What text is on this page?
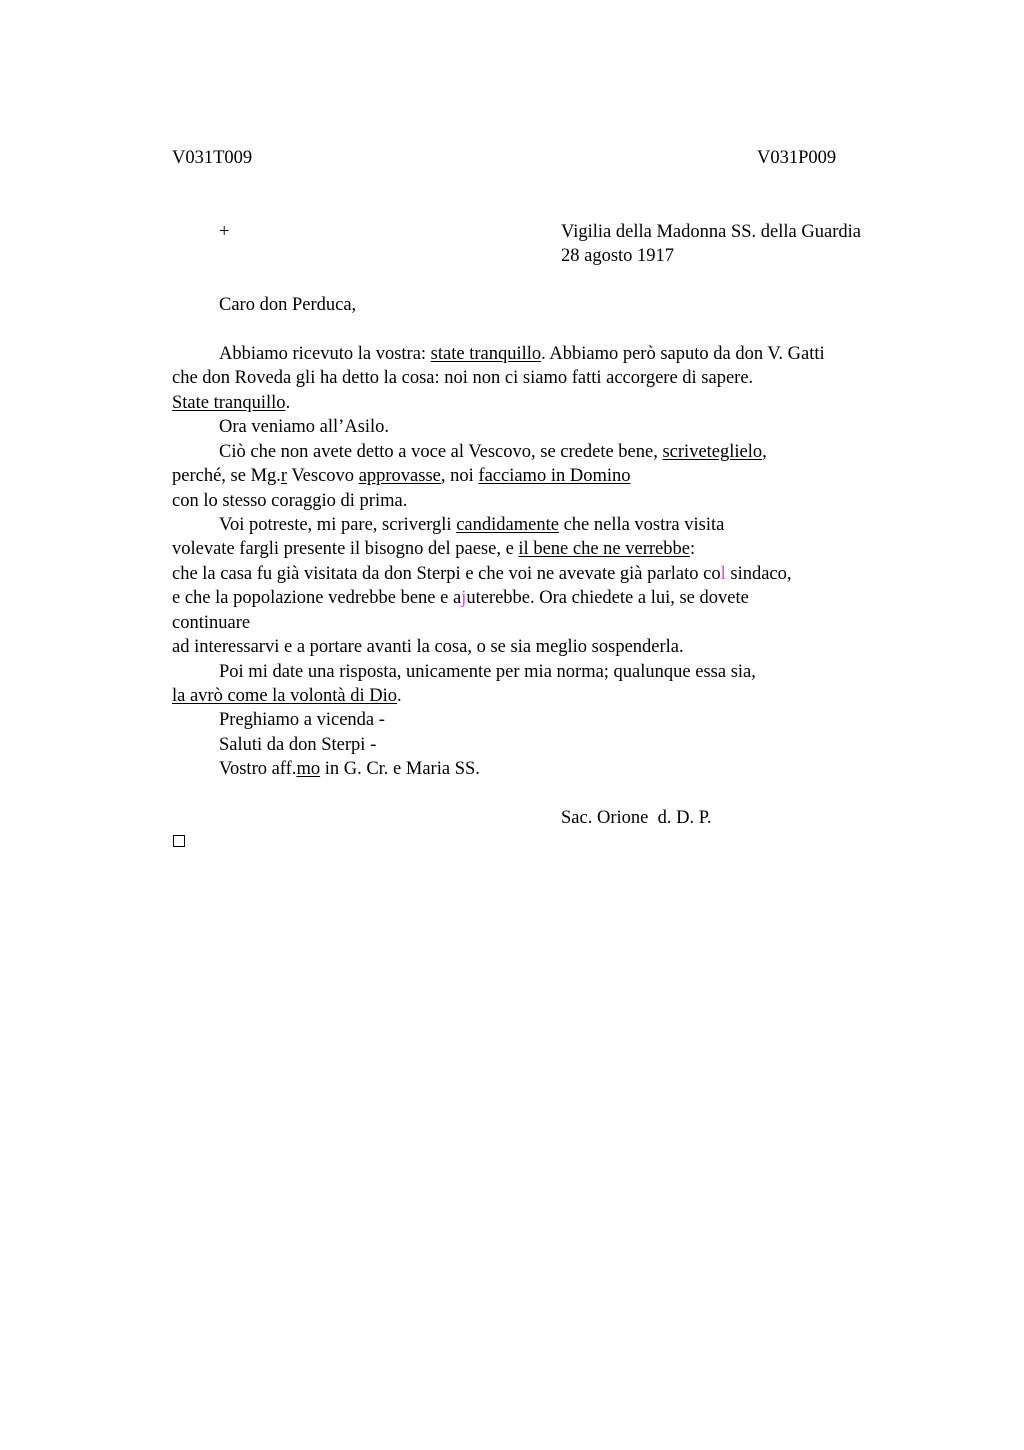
V031T009	V031P009
+	Vigilia della Madonna SS. della Guardia
28 agosto 1917
Caro don Perduca,
Abbiamo ricevuto la vostra: state tranquillo. Abbiamo però saputo da don V. Gatti
che don Roveda gli ha detto la cosa: noi non ci siamo fatti accorgere di sapere.
State tranquillo.
Ora veniamo all’Asilo.
Ciò che non avete detto a voce al Vescovo, se credete bene, scriveteglielo,
perché, se Mg.r Vescovo approvasse, noi facciamo in Domino
con lo stesso coraggio di prima.
Voi potreste, mi pare, scrivergli candidamente che nella vostra visita
volevate fargli presente il bisogno del paese, e il bene che ne verrebbe:
che la casa fu già visitata da don Sterpi e che voi ne avevate già parlato col sindaco,
e che la popolazione vedrebbe bene e ajuterebbe. Ora chiedete a lui, se dovete
continuare
ad interessarvi e a portare avanti la cosa, o se sia meglio sospenderla.
Poi mi date una risposta, unicamente per mia norma; qualunque essa sia,
la avrò come la volontà di Dio.
Preghiamo a vicenda -
Saluti da don Sterpi -
Vostro aff.mo in G. Cr. e Maria SS.
Sac. Orione  d. D. P.
